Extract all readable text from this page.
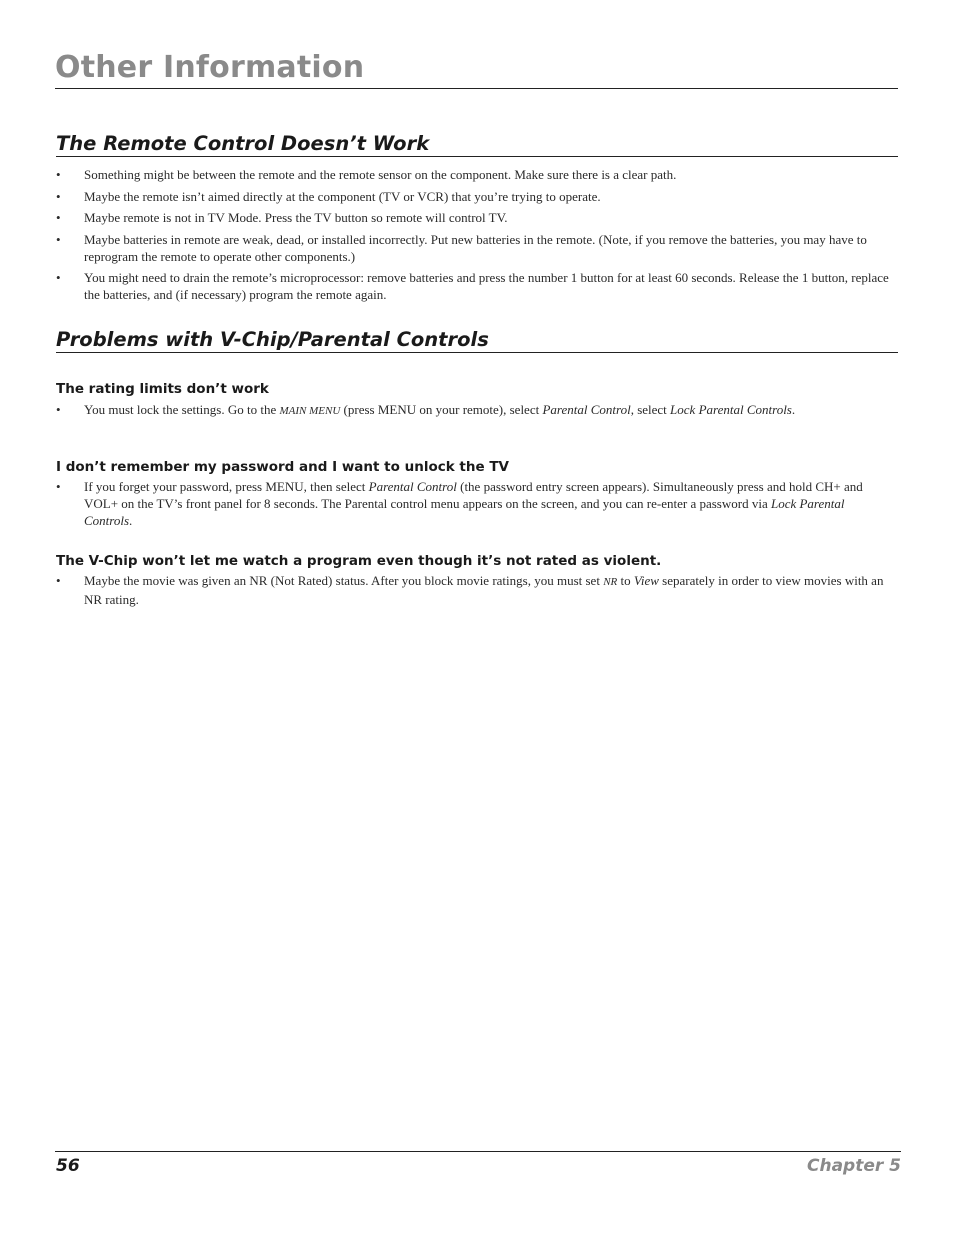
Other Information
The Remote Control Doesn’t Work
• Something might be between the remote and the remote sensor on the component. Make sure there is a clear path.
• Maybe the remote isn’t aimed directly at the component (TV or VCR) that you’re trying to operate.
• Maybe remote is not in TV Mode. Press the TV button so remote will control TV.
• Maybe batteries in remote are weak, dead, or installed incorrectly. Put new batteries in the remote. (Note, if you remove the batteries, you may have to reprogram the remote to operate other components.)
• You might need to drain the remote’s microprocessor: remove batteries and press the number 1 button for at least 60 seconds. Release the 1 button, replace the batteries, and (if necessary) program the remote again.
Problems with V-Chip/Parental Controls
The rating limits don’t work
• You must lock the settings. Go to the MAIN MENU (press MENU on your remote), select Parental Control, select Lock Parental Controls.
I don’t remember my password and I want to unlock the TV
• If you forget your password, press MENU, then select Parental Control (the password entry screen appears). Simultaneously press and hold CH+ and VOL+ on the TV’s front panel for 8 seconds. The Parental control menu appears on the screen, and you can re-enter a password via Lock Parental Controls.
The V-Chip won’t let me watch a program even though it’s not rated as violent.
• Maybe the movie was given an NR (Not Rated) status. After you block movie ratings, you must set NR to View separately in order to view movies with an NR rating.
56	Chapter 5
